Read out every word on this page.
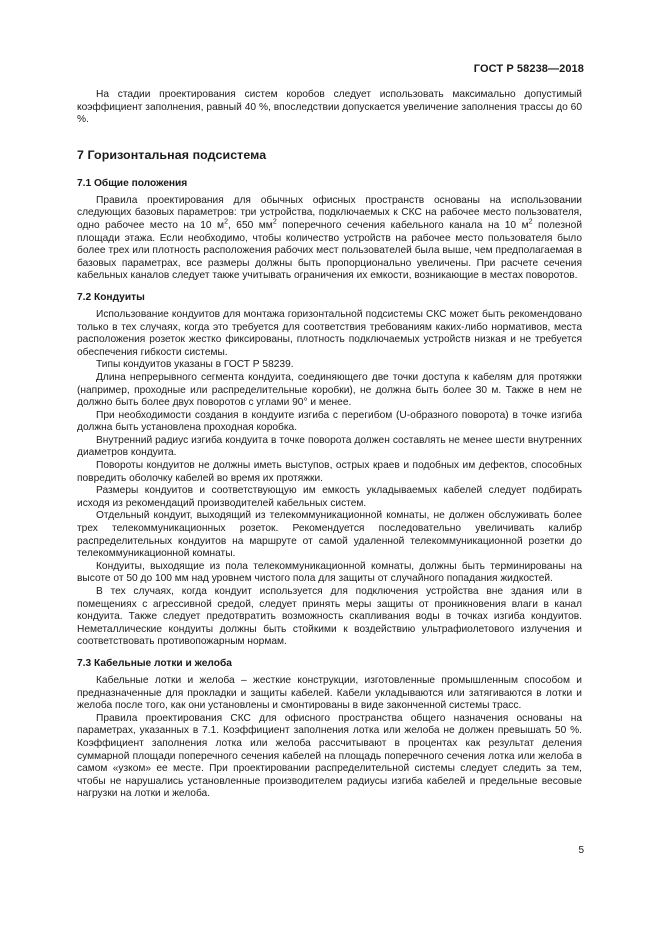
ГОСТ Р 58238—2018

На стадии проектирования систем коробов следует использовать максимально допустимый коэффициент заполнения, равный 40 %, впоследствии допускается увеличение заполнения трассы до 60 %.

7 Горизонтальная подсистема
7.1 Общие положения

Правила проектирования для обычных офисных пространств основаны на использовании следующих базовых параметров: три устройства, подключаемых к СКС на рабочее место пользователя, одно рабочее место на 10 $м^2$, 650 $мм^2$ поперечного сечения кабельного канала на 10 $м^2$ полезной площади этажа. Если необходимо, чтобы количество устройств на рабочее место пользователя было более трех или плотность расположения рабочих мест пользователей была выше, чем предполагаемая в базовых параметрах, все размеры должны быть пропорционально увеличены. При расчете сечения кабельных каналов следует также учитывать ограничения их емкости, возникающие в местах поворотов.

7.2 Кондуиты

Использование кондуитов для монтажа горизонтальной подсистемы СКС может быть рекомендовано только в тех случаях, когда это требуется для соответствия требованиям каких-либо нормативов, места расположения розеток жестко фиксированы, плотность подключаемых устройств низкая и не требуется обеспечения гибкости системы.

Типы кондуитов указаны в ГОСТ Р 58239.

Длина непрерывного сегмента кондуита, соединяющего две точки доступа к кабелям для протяжки (например, проходные или распределительные коробки), не должна быть более 30 м. Также в нем не должно быть более двух поворотов с углами 90° и менее.

При необходимости создания в кондуите изгиба с перегибом (U-образного поворота) в точке изгиба должна быть установлена проходная коробка.

Внутренний радиус изгиба кондуита в точке поворота должен составлять не менее шести внутренних диаметров кондуита.

Повороты кондуитов не должны иметь выступов, острых краев и подобных им дефектов, способных повредить оболочку кабелей во время их протяжки.

Размеры кондуитов и соответствующую им емкость укладываемых кабелей следует подбирать исходя из рекомендаций производителей кабельных систем.

Отдельный кондуит, выходящий из телекоммуникационной комнаты, не должен обслуживать более трех телекоммуникационных розеток. Рекомендуется последовательно увеличивать калибр распределительных кондуитов на маршруте от самой удаленной телекоммуникационной розетки до телекоммуникационной комнаты.

Кондуиты, выходящие из пола телекоммуникационной комнаты, должны быть терминированы на высоте от 50 до 100 мм над уровнем чистого пола для защиты от случайного попадания жидкостей.

В тех случаях, когда кондуит используется для подключения устройства вне здания или в помещениях с агрессивной средой, следует принять меры защиты от проникновения влаги в канал кондуита. Также следует предотвратить возможность скапливания воды в точках изгиба кондуитов. Неметаллические кондуиты должны быть стойкими к воздействию ультрафиолетового излучения и соответствовать противопожарным нормам.

7.3 Кабельные лотки и желоба

Кабельные лотки и желоба – жесткие конструкции, изготовленные промышленным способом и предназначенные для прокладки и защиты кабелей. Кабели укладываются или затягиваются в лотки и желоба после того, как они установлены и смонтированы в виде законченной системы трасс.

Правила проектирования СКС для офисного пространства общего назначения основаны на параметрах, указанных в 7.1. Коэффициент заполнения лотка или желоба не должен превышать 50 %. Коэффициент заполнения лотка или желоба рассчитывают в процентах как результат деления суммарной площади поперечного сечения кабелей на площадь поперечного сечения лотка или желоба в самом «узком» ее месте. При проектировании распределительной системы следует следить за тем, чтобы не нарушались установленные производителем радиусы изгиба кабелей и предельные весовые нагрузки на лотки и желоба.

5
